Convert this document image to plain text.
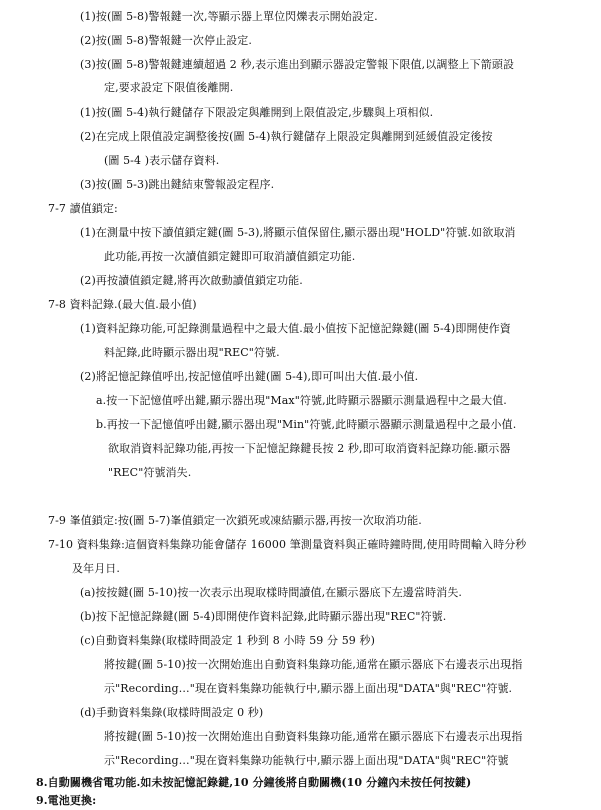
(1)按(圖 5-8)警報鍵一次,等顯示器上單位閃爍表示開始設定.
(2)按(圖 5-8)警報鍵一次停止設定.
(3)按(圖 5-8)警報鍵連續超過 2 秒,表示進出到顯示器設定警報下限值,以調整上下箭頭設
定,要求設定下限值後離開.
(1)按(圖 5-4)執行鍵儲存下限設定與離開到上限值設定,步驟與上項相似.
(2)在完成上限值設定調整後按(圖 5-4)執行鍵儲存上限設定與離開到延緩值設定後按
(圖 5-4 )表示儲存資料.
(3)按(圖 5-3)跳出鍵結束警報設定程序.
7-7 讀值鎖定:
(1)在測量中按下讀值鎖定鍵(圖 5-3),將顯示值保留住,顯示器出現"HOLD"符號.如欲取消
此功能,再按一次讀值鎖定鍵即可取消讀值鎖定功能.
(2)再按讀值鎖定鍵,將再次啟動讀值鎖定功能.
7-8 資料記錄.(最大值.最小值)
(1)資料記錄功能,可記錄測量過程中之最大值.最小值按下記憶記錄鍵(圖 5-4)即開使作資
料記錄,此時顯示器出現"REC"符號.
(2)將記憶記錄值呼出,按記憶值呼出鍵(圖 5-4),即可叫出大值.最小值.
a.按一下記憶值呼出鍵,顯示器出現"Max"符號,此時顯示器顯示測量過程中之最大值.
b.再按一下記憶值呼出鍵,顯示器出現"Min"符號,此時顯示器顯示測量過程中之最小值.
欲取消資料記錄功能,再按一下記憶記錄鍵長按 2 秒,即可取消資料記錄功能.顯示器
"REC"符號消失.
7-9 峯值鎖定:按(圖 5-7)峯值鎖定一次鎖死或凍結顯示器,再按一次取消功能.
7-10 資料集錄:這個資料集錄功能會儲存 16000 筆測量資料與正確時鐘時間,使用時間輸入時分秒
及年月日.
(a)按按鍵(圖 5-10)按一次表示出現取樣時間讀值,在顯示器底下左邊當時消失.
(b)按下記憶記錄鍵(圖 5-4)即開使作資料記錄,此時顯示器出現"REC"符號.
(c)自動資料集錄(取樣時間設定 1 秒到 8 小時 59 分 59 秒)
將按鍵(圖 5-10)按一次開始進出自動資料集錄功能,通常在顯示器底下右邊表示出現指
示"Recording…"現在資料集錄功能執行中,顯示器上面出現"DATA"與"REC"符號.
(d)手動資料集錄(取樣時間設定 0 秒)
將按鍵(圖 5-10)按一次開始進出自動資料集錄功能,通常在顯示器底下右邊表示出現指
示"Recording…"現在資料集錄功能執行中,顯示器上面出現"DATA"與"REC"符號
8.自動關機省電功能.如未按記憶記錄鍵,10 分鐘後將自動關機(10 分鐘內未按任何按鍵)
9.電池更換:
